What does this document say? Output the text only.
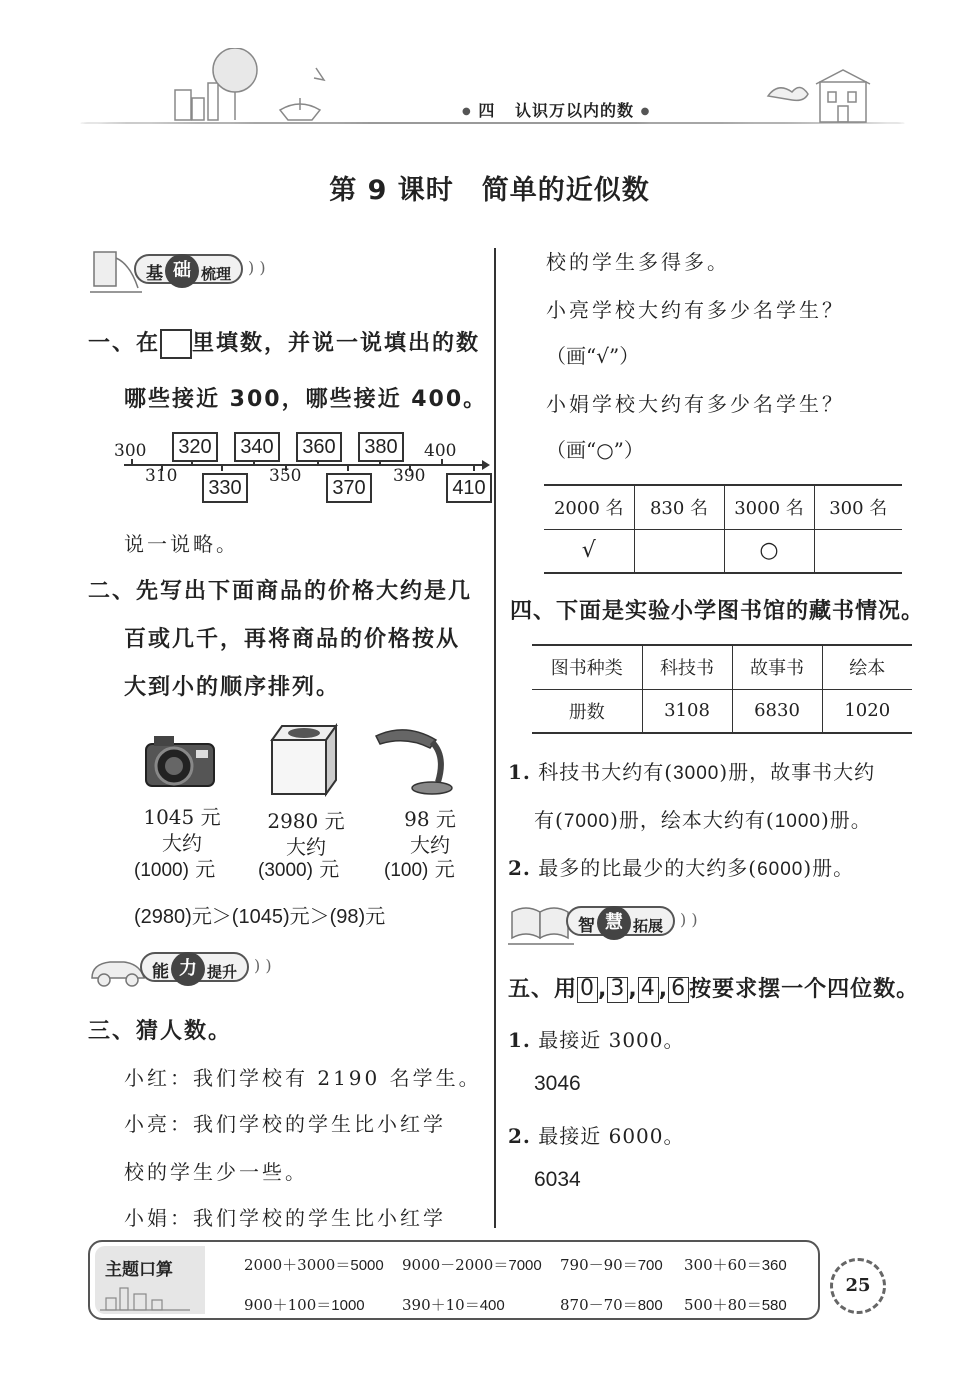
● 四 认识万以内的数 ●
第 9 课时　简单的近似数
基 础 梳理	) )
一、在 里填数，并说一说填出的数
哪些接近 300，哪些接近 400。
300	400
310	350	390
320	340	360	380
330	370	410
说一说略。
二、先写出下面商品的价格大约是几
百或几千，再将商品的价格按从
大到小的顺序排列。
1045 元
大约
2980 元
大约
98 元
大约
(1000) 元 (3000) 元 (100) 元
(2980)元＞(1045)元＞(98)元
能 力 提升	) )
三、猜人数。
小红：我们学校有 2190 名学生。
小亮：我们学校的学生比小红学
校的学生少一些。
小娟：我们学校的学生比小红学
校的学生多得多。
小亮学校大约有多少名学生？
（画“√”）
小娟学校大约有多少名学生？
（画“○”）
2000 名	830 名	3000 名	300 名
√		○	
四、下面是实验小学图书馆的藏书情况。
图书种类	科技书	故事书	绘本
册数	3108	6830	1020
1. 科技书大约有(3000)册，故事书大约
有(7000)册，绘本大约有(1000)册。
2. 最多的比最少的大约多(6000)册。
智 慧 拓展	) )
五、用 0 , 3 , 4 , 6 按要求摆一个四位数。
1. 最接近 3000。
3046
2. 最接近 6000。
6034
主题口算	2000＋3000＝5000 9000－2000＝7000 790－90＝700 300＋60＝360
900＋100＝1000 390＋10＝400	870－70＝800 500＋80＝580
25
